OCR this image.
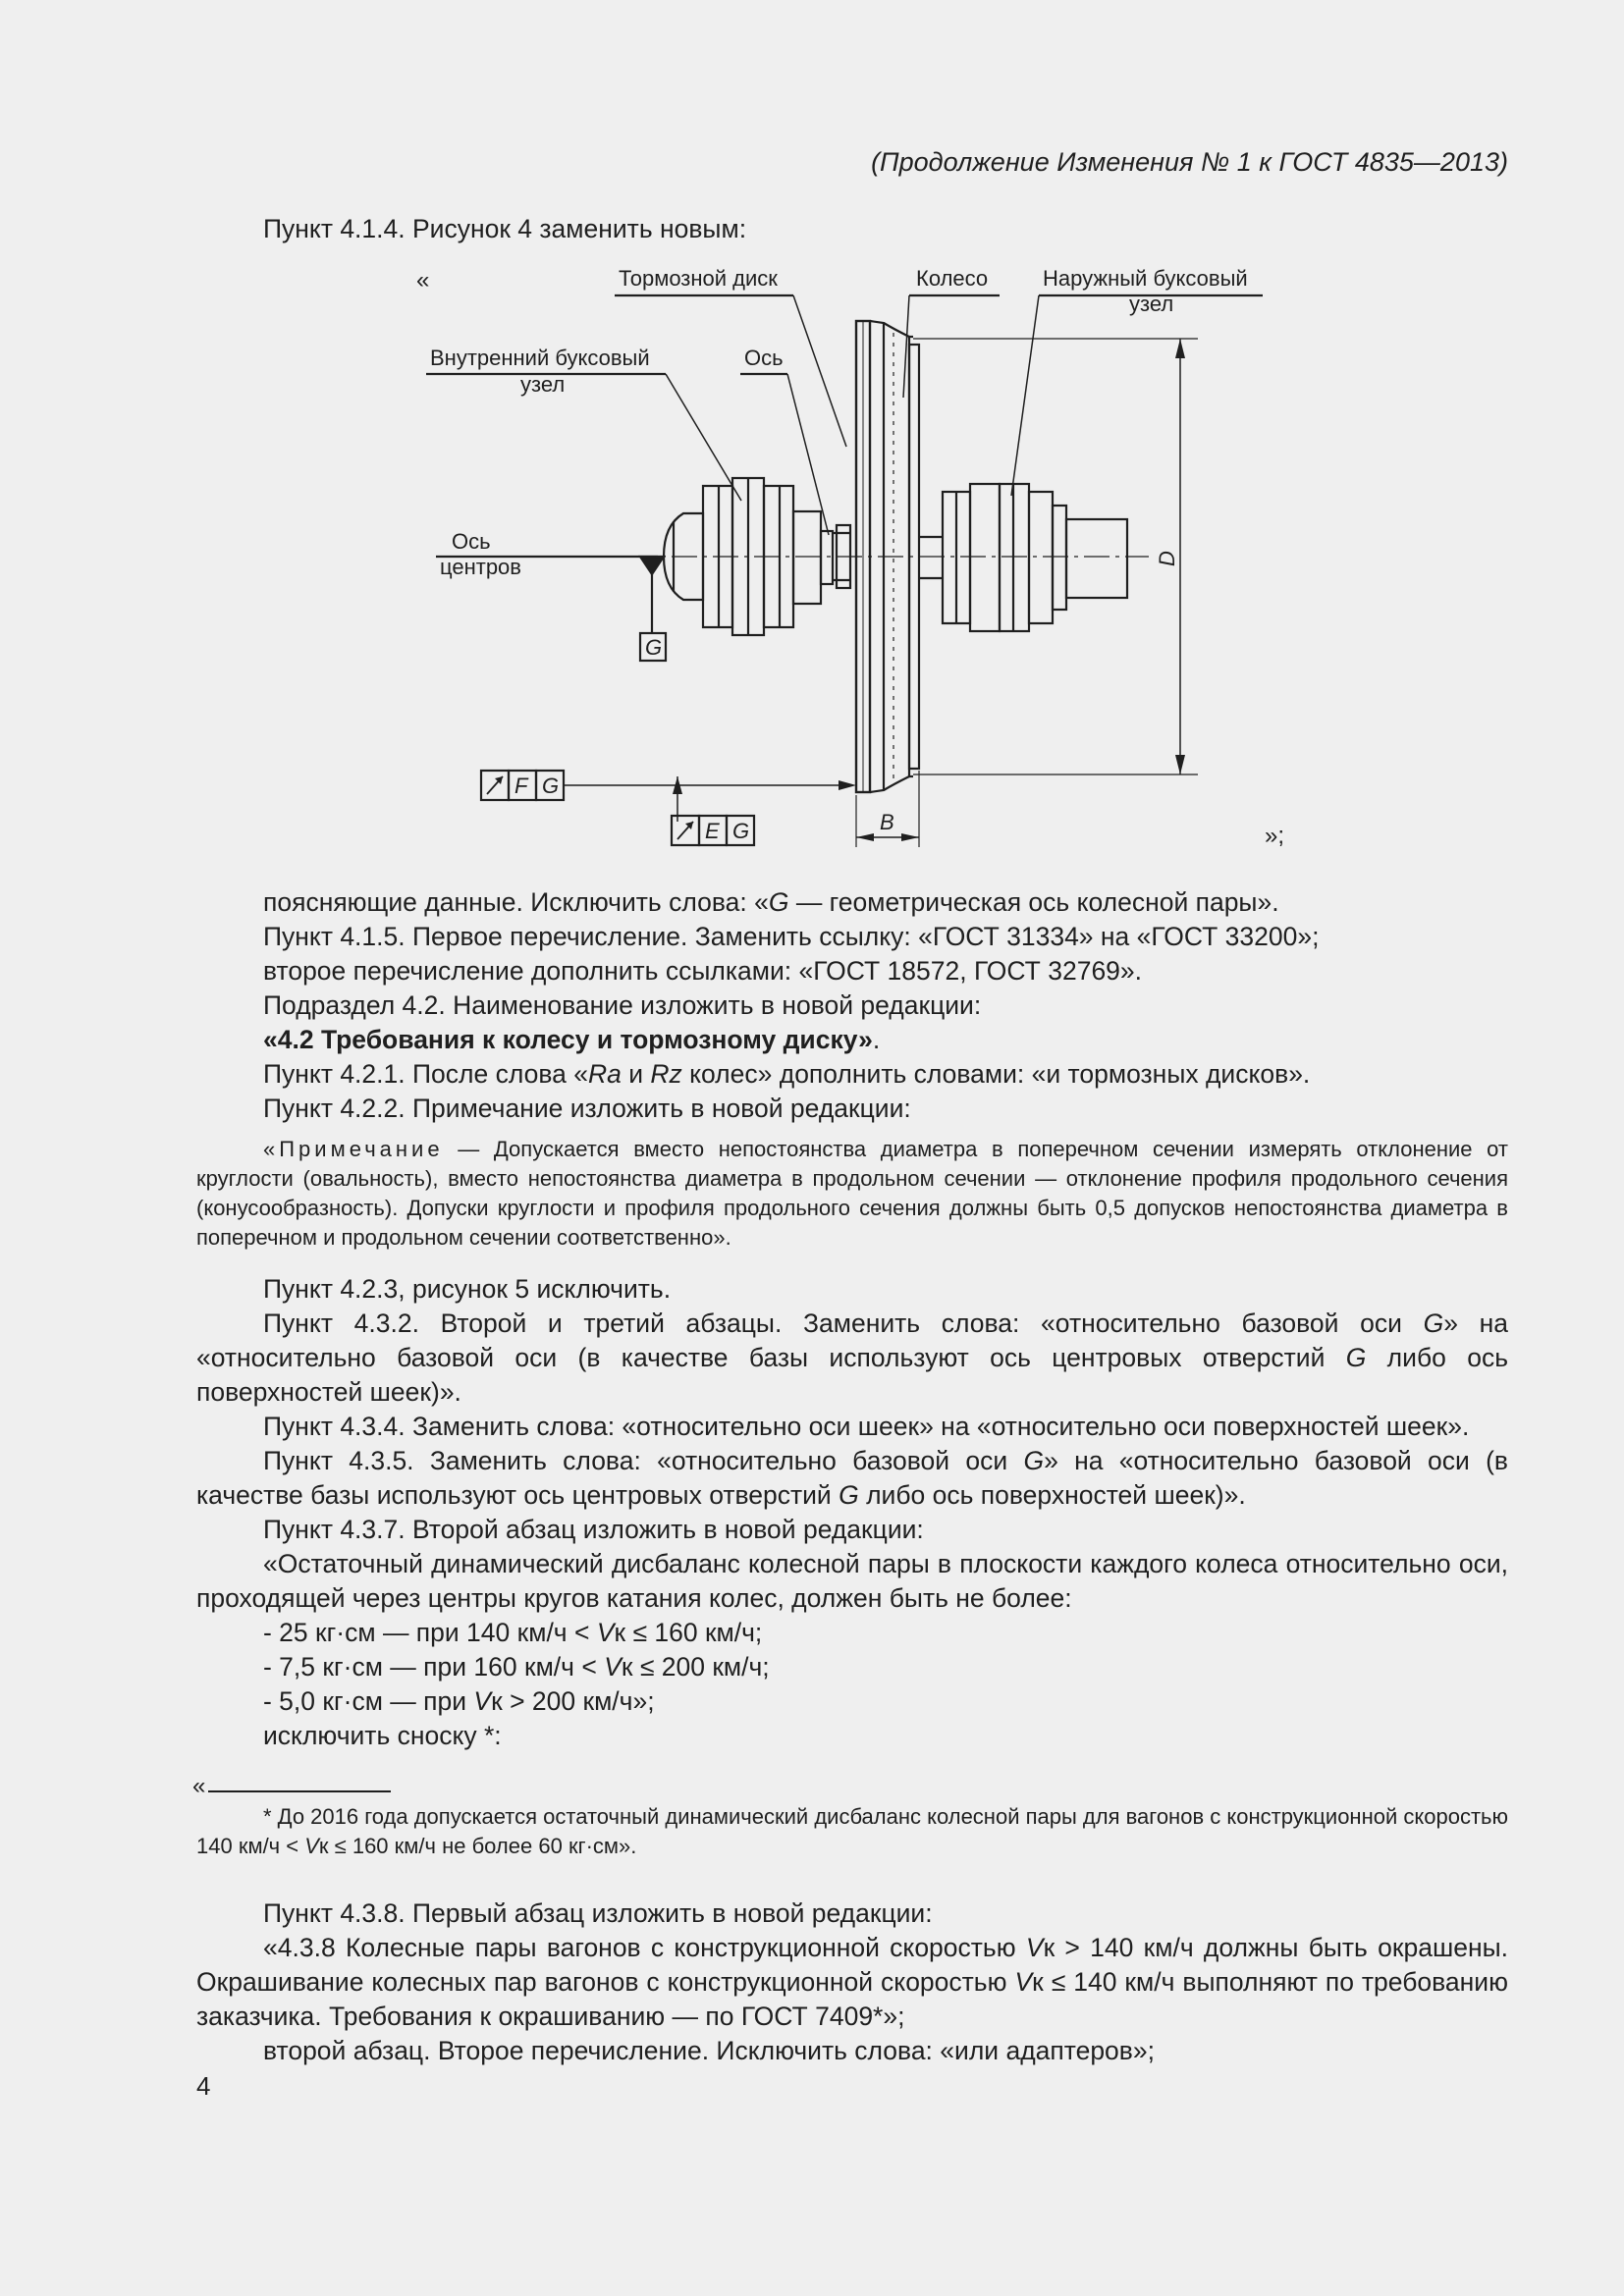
(Продолжение Изменения № 1 к ГОСТ 4835—2013)
Пункт 4.1.4. Рисунок 4 заменить новым:
«	Тормозной диск	Колесо	Наружный буксовый
узел
Внутренний буксовый
узел
Ось
Ось
центров
G
D
B
F G
E G	»;
поясняющие данные. Исключить слова: «G — геометрическая ось колесной пары».
Пункт 4.1.5. Первое перечисление. Заменить ссылку: «ГОСТ 31334» на «ГОСТ 33200»;
второе перечисление дополнить ссылками: «ГОСТ 18572, ГОСТ 32769».
Подраздел 4.2. Наименование изложить в новой редакции:
«4.2 Требования к колесу и тормозному диску».
Пункт 4.2.1. После слова «Ra и Rz колес» дополнить словами: «и тормозных дисков».
Пункт 4.2.2. Примечание изложить в новой редакции:
«Примечание — Допускается вместо непостоянства диаметра в поперечном сечении измерять отклонение от круглости (овальность), вместо непостоянства диаметра в продольном сечении — отклонение профиля продольного сечения (конусообразность). Допуски круглости и профиля продольного сечения должны быть 0,5 допусков непостоянства диаметра в поперечном и продольном сечении соответственно».
Пункт 4.2.3, рисунок 5 исключить.
Пункт 4.3.2. Второй и третий абзацы. Заменить слова: «относительно базовой оси G» на «относительно базовой оси (в качестве базы используют ось центровых отверстий G либо ось поверхностей шеек)».
Пункт 4.3.4. Заменить слова: «относительно оси шеек» на «относительно оси поверхностей шеек».
Пункт 4.3.5. Заменить слова: «относительно базовой оси G» на «относительно базовой оси (в качестве базы используют ось центровых отверстий G либо ось поверхностей шеек)».
Пункт 4.3.7. Второй абзац изложить в новой редакции:
«Остаточный динамический дисбаланс колесной пары в плоскости каждого колеса относительно оси, проходящей через центры кругов катания колес, должен быть не более:
- 25 кг·см — при 140 км/ч < Vк ≤ 160 км/ч;
- 7,5 кг·см — при 160 км/ч < Vк ≤ 200 км/ч;
- 5,0 кг·см — при Vк > 200 км/ч»;
исключить сноску *:
«
* До 2016 года допускается остаточный динамический дисбаланс колесной пары для вагонов с конструкционной скоростью 140 км/ч < Vк ≤ 160 км/ч не более 60 кг·см».
Пункт 4.3.8. Первый абзац изложить в новой редакции:
«4.3.8 Колесные пары вагонов с конструкционной скоростью Vк > 140 км/ч должны быть окрашены. Окрашивание колесных пар вагонов с конструкционной скоростью Vк ≤ 140 км/ч выполняют по требованию заказчика. Требования к окрашиванию — по ГОСТ 7409*»;
второй абзац. Второе перечисление. Исключить слова: «или адаптеров»;
4
